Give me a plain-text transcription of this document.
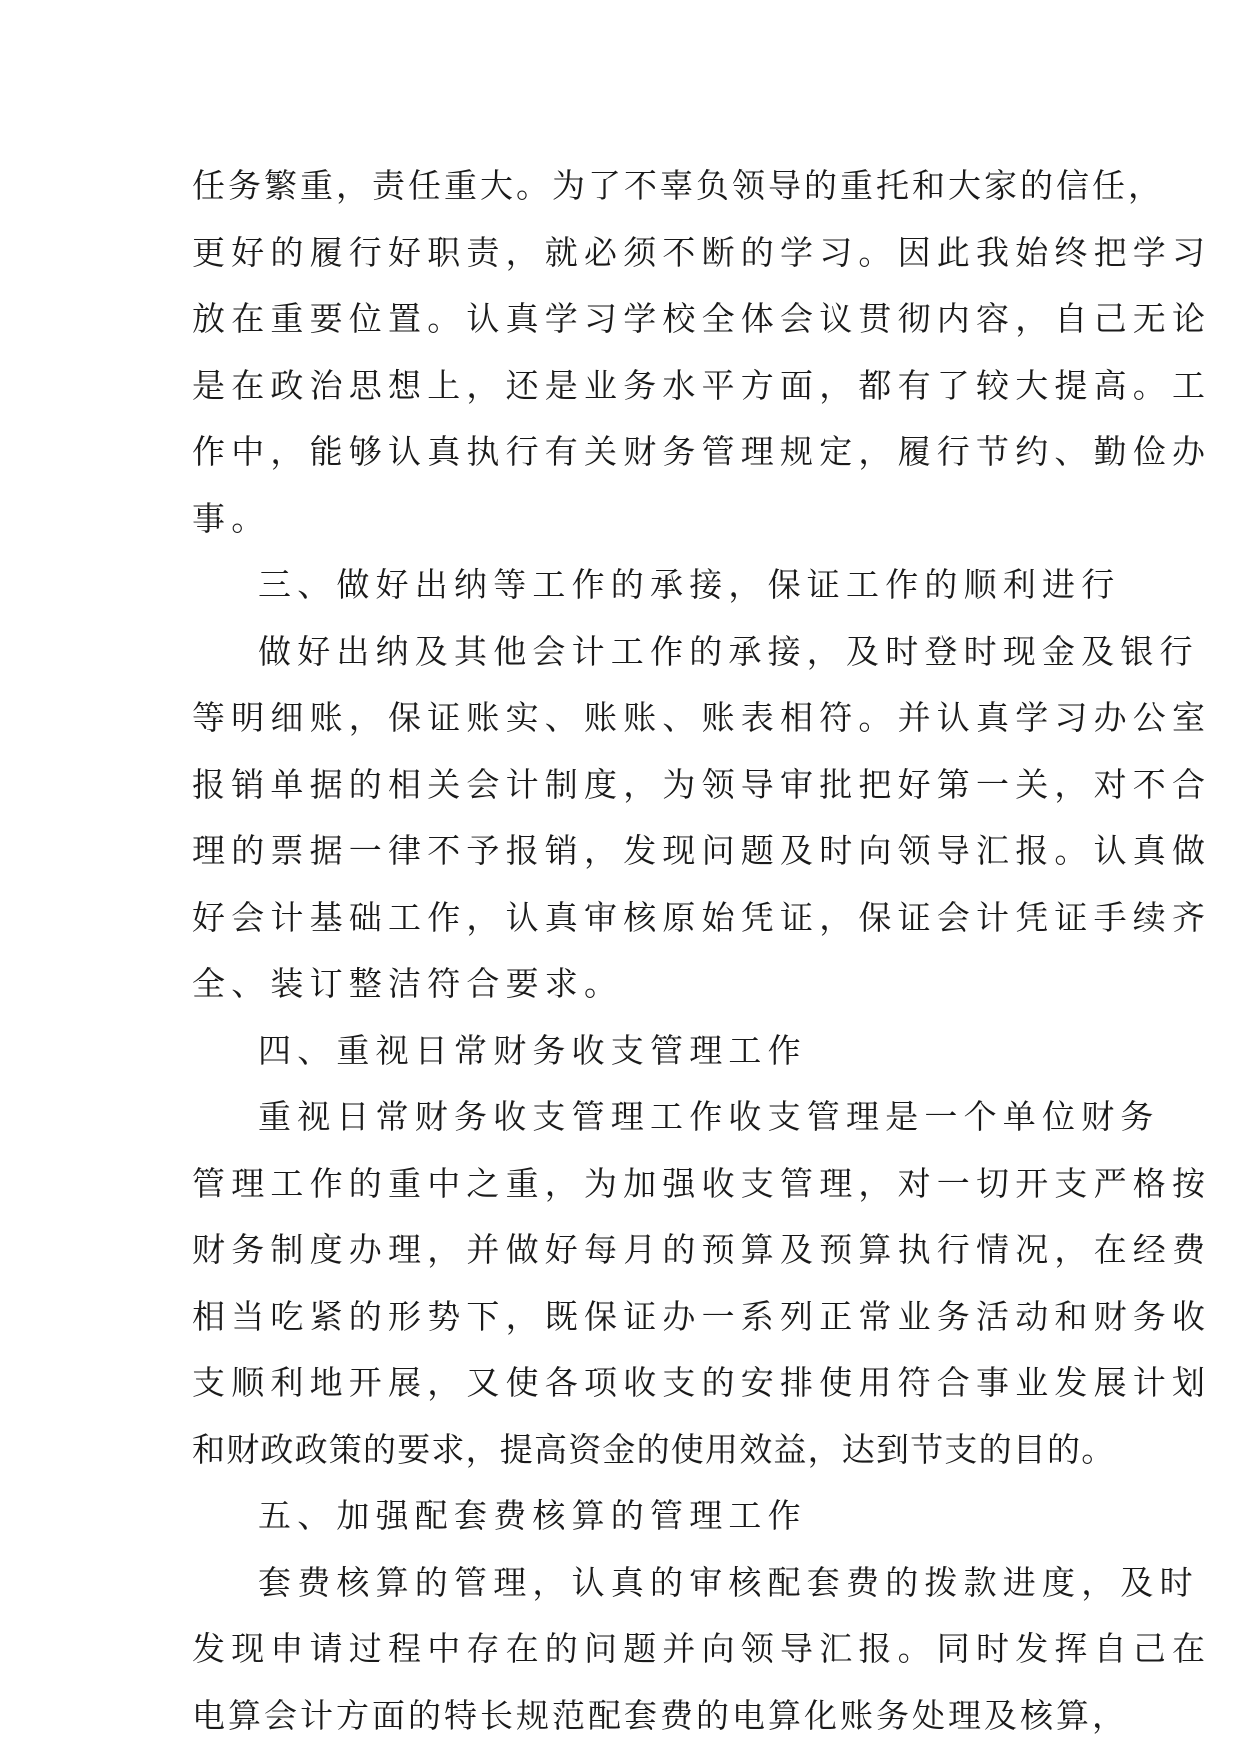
任务繁重，责任重大。为了不辜负领导的重托和大家的信任，
更好的履行好职责，就必须不断的学习。因此我始终把学习
放在重要位置。认真学习学校全体会议贯彻内容，自己无论
是在政治思想上，还是业务水平方面，都有了较大提高。工
作中，能够认真执行有关财务管理规定，履行节约、勤俭办
事。
三、做好出纳等工作的承接，保证工作的顺利进行
做好出纳及其他会计工作的承接，及时登时现金及银行
等明细账，保证账实、账账、账表相符。并认真学习办公室
报销单据的相关会计制度，为领导审批把好第一关，对不合
理的票据一律不予报销，发现问题及时向领导汇报。认真做
好会计基础工作，认真审核原始凭证，保证会计凭证手续齐
全、装订整洁符合要求。
四、重视日常财务收支管理工作
重视日常财务收支管理工作收支管理是一个单位财务
管理工作的重中之重，为加强收支管理，对一切开支严格按
财务制度办理，并做好每月的预算及预算执行情况，在经费
相当吃紧的形势下，既保证办一系列正常业务活动和财务收
支顺利地开展，又使各项收支的安排使用符合事业发展计划
和财政政策的要求，提高资金的使用效益，达到节支的目的。
五、加强配套费核算的管理工作
套费核算的管理，认真的审核配套费的拨款进度，及时
发现申请过程中存在的问题并向领导汇报。同时发挥自己在
电算会计方面的特长规范配套费的电算化账务处理及核算，
